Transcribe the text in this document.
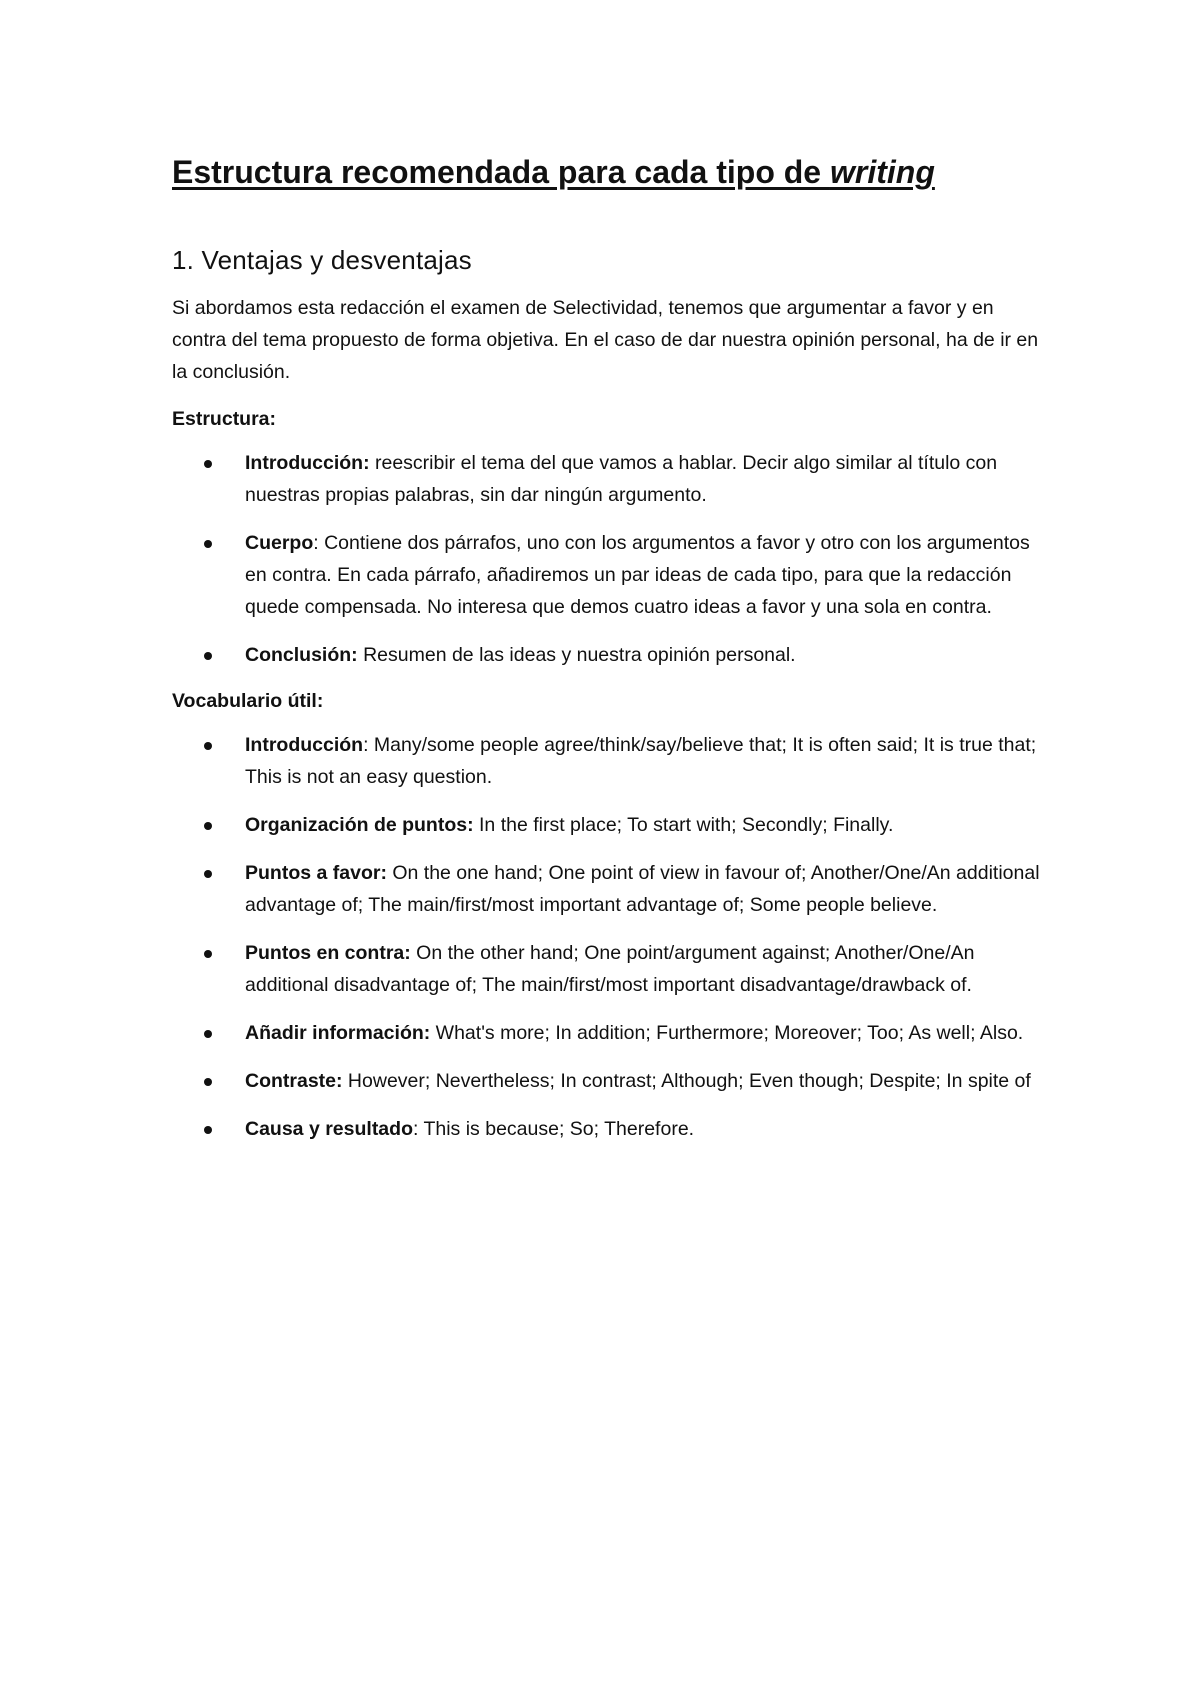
Estructura recomendada para cada tipo de writing
1. Ventajas y desventajas

Si abordamos esta redacción el examen de Selectividad, tenemos que argumentar a favor y en contra del tema propuesto de forma objetiva. En el caso de dar nuestra opinión personal, ha de ir en la conclusión.

Estructura:
Introducción: reescribir el tema del que vamos a hablar. Decir algo similar al título con nuestras propias palabras, sin dar ningún argumento.
Cuerpo: Contiene dos párrafos, uno con los argumentos a favor y otro con los argumentos en contra. En cada párrafo, añadiremos un par ideas de cada tipo, para que la redacción quede compensada. No interesa que demos cuatro ideas a favor y una sola en contra.
Conclusión: Resumen de las ideas y nuestra opinión personal.
Vocabulario útil:
Introducción: Many/some people agree/think/say/believe that; It is often said; It is true that; This is not an easy question.
Organización de puntos: In the first place; To start with; Secondly; Finally.
Puntos a favor: On the one hand; One point of view in favour of; Another/One/An additional advantage of; The main/first/most important advantage of; Some people believe.
Puntos en contra: On the other hand; One point/argument against; Another/One/An additional disadvantage of; The main/first/most important disadvantage/drawback of.
Añadir información: What's more; In addition; Furthermore; Moreover; Too; As well; Also.
Contraste: However; Nevertheless; In contrast; Although; Even though; Despite; In spite of
Causa y resultado: This is because; So; Therefore.
